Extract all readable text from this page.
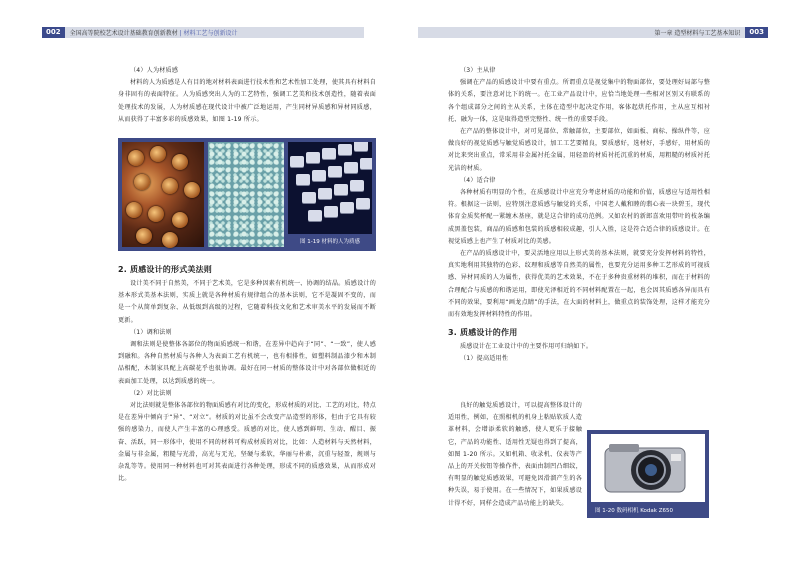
002	全国高等院校艺术设计基础教育创新教材 | 材料工艺与创新设计	第一章 造型材料与工艺基本知识	003
（4）人为材质感

材料的人为质感是人有目的地对材料表面进行技术性和艺术性加工处理，使其具有材料自身非固有的表面特征。人为质感突出人为的工艺特性，强调工艺美和技术创造性，随着表面处理技术的发展，人为材质感在现代设计中被广泛地运用，产生同材异质感和异材同质感，从而获得了丰富多彩的质感效果，如图 1-19 所示。

图 1-19 材料的人为质感
2. 质感设计的形式美法则

设计美不同于自然美，不同于艺术美，它是多种因素有机统一、协调的结晶。质感设计的基本形式美基本法则，实质上就是各种材质有规律组合的基本法则，它不是凝固不变的，而是一个从简单到复杂、从低级到高级的过程，它随着科技文化和艺术审美水平的发展而不断更新。

（1）调和法则

调和法则是使整体各部位的物面质感统一和谐，在差异中趋向于“同”、“一致”，使人感到融和。各种自然材质与各种人为表面工艺有机统一，也有相排性，如塑料制品漆少和木制品相配，木制家具配上高碳花乎也很协调。最好在同一材质的整体设计中对各部位做相近的表面加工处理，以达到质感的统一。

（2）对比法则

对比法则就是整体各部位的物面质感有对比的变化，形成材质的对比、工艺的对比，特点是在差异中倾向于“异”、“对立”。材质的对比虽不会改变产品造型的形体，但由于它具有较强的感染力，而使人产生丰富的心理感受。质感的对比，使人感到鲜明、生动、醒目、振奋、活跃，同一形体中，使用不同的材料可构成材质的对比，比如：人造材料与天然材料，金属与非金属，粗糙与光滑，高光与无光，坚硬与柔软，华丽与朴素，沉重与轻盈，规则与杂乱等等。使用同一种材料也可对其表面进行各种处理，形成不同的质感效果，从而形成对比。

（3）主从律

强调在产品的质感设计中要有重点。所谓重点是视觉集中的物面部位，要处理好局部与整体的关系，要注意对比下的统一。在工业产品设计中，应恰当地处理一些相对区别又有联系的各个组成部分之间的主从关系，主体在造型中起决定作用，客体起烘托作用，主从应互相衬托、融为一体，这是取得造型完整性、统一性的重要手段。

在产品的整体设计中，对可见部位、常触部位，主要部位，如面板、商标、操纵件等，应做良好的视觉质感与触觉质感设计，加工工艺要精良，要质感好，选材好，手感好，用材质的对比来突出重点，常采用非金属衬托金属，用轻盈的材质衬托沉重的材质，用粗糙的材质衬托光洁的材质。

（4）适合律

各种材质有明显的个性，在质感设计中应充分考虑材质的功能和价值，质感应与适用性相符。根据这一法则，应特别注意质感与触觉的关系，中国老人戴和睦的翡心表一块碧玉，现代体育金质奖杯配一紧缠木基座，就是这合律的成功范例。又如农村的新郎喜欢用带叶的枝条编成黑盖包装，商品的质感和包装的质感相较成趣，引人入胜，这是符合适合律的质感设计。在视觉质感上也产生了材质对比的美感。

在产品的质感设计中，要灵活地应用以上形式美的基本法则，就要充分发挥材料的特性，真实地利用其独特的色彩、纹理和质感等自然美的属性，也要充分运用多种工艺形成的可视质感、异材同质的人为属性，获得优美的艺术效果，不在于多种贵重材料的堆积，而在于材料的合理配合与质感的和谐运用，即使光泽相近的不同材料配置在一起，也会因其质感各异而具有不同的效果，要利用“画龙点睛”的手法，在大面的材料上，做重点的装饰处理，这样才能充分而有效地发挥材料特性的作用。

3. 质感设计的作用

质感设计在工业设计中的主要作用可归纳如下。

（1）提高适用性

良好的触觉质感设计，可以提高整体设计的适用性，例如，在照相机的机身上粘贴软质人造革材料，会增添柔软的触感，使人更乐于接触它，产品的功能性、适用性无疑也得到了提高，如图 1-20 所示。又如机箱、收录机、仪表等产品上的开关按钮等操作件，表面由制凹凸细纹，有明显的触觉质感效果，可避免因滑溜产生的各种失误，易于使用。在一些情况下，如果质感设计得不好，同样会造成产品功能上的缺失。

图 1-20 数码相机 Kodak Z650
